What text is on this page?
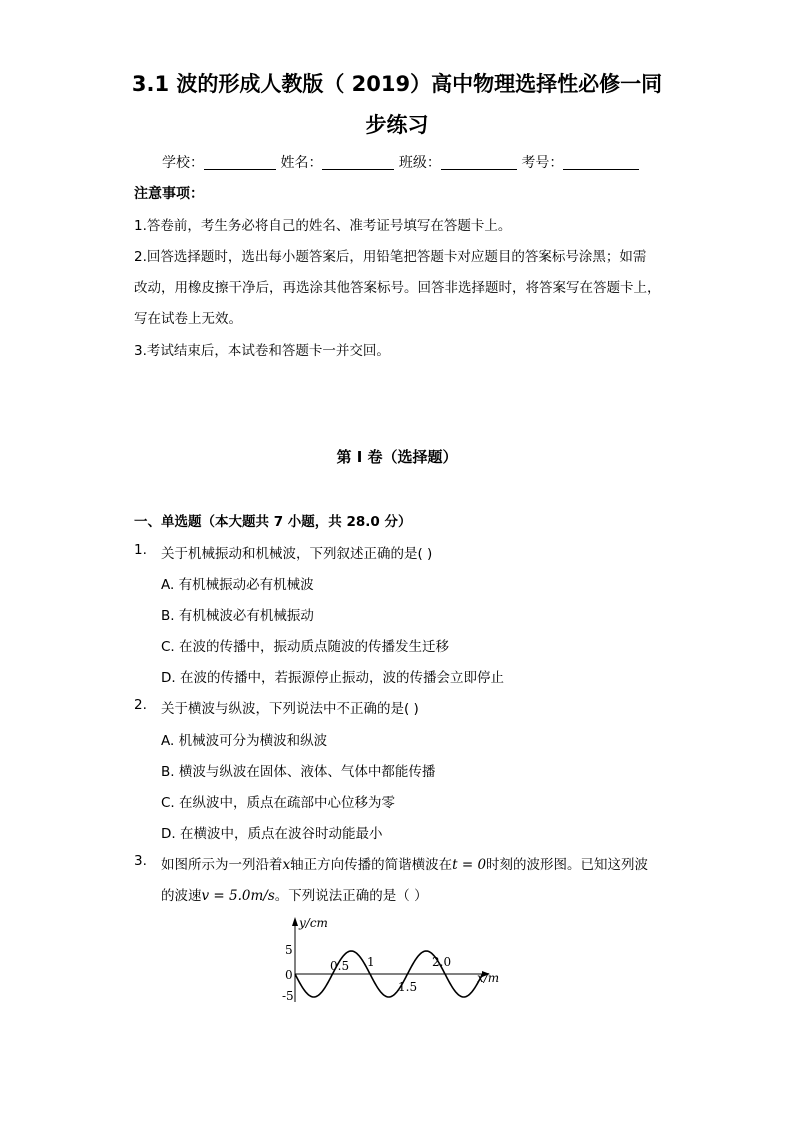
3.1 波的形成人教版（ 2019）高中物理选择性必修一同
步练习
学校：	姓名：	班级：	考号：
注意事项：
1.答卷前，考生务必将自己的姓名、准考证号填写在答题卡上。
2.回答选择题时，选出每小题答案后，用铅笔把答题卡对应题目的答案标号涂黑；如需
改动，用橡皮擦干净后，再选涂其他答案标号。回答非选择题时，将答案写在答题卡上，
写在试卷上无效。
3.考试结束后，本试卷和答题卡一并交回。
第 I 卷（选择题）
一、单选题（本大题共 7 小题，共 28.0 分）
1. 关于机械振动和机械波，下列叙述正确的是( )
A. 有机械振动必有机械波
B. 有机械波必有机械振动
C. 在波的传播中，振动质点随波的传播发生迁移
D. 在波的传播中，若振源停止振动，波的传播会立即停止
2. 关于横波与纵波，下列说法中不正确的是( )
A. 机械波可分为横波和纵波
B. 横波与纵波在固体、液体、气体中都能传播
C. 在纵波中，质点在疏部中心位移为零
D. 在横波中，质点在波谷时动能最小
3. 如图所示为一列沿着x轴正方向传播的简谐横波在t = 0时刻的波形图。已知这列波
的波速v = 5.0m/s。下列说法正确的是（ ）
y/cm
x/m
5
0
-5
0.5 1
1.5
2.0
